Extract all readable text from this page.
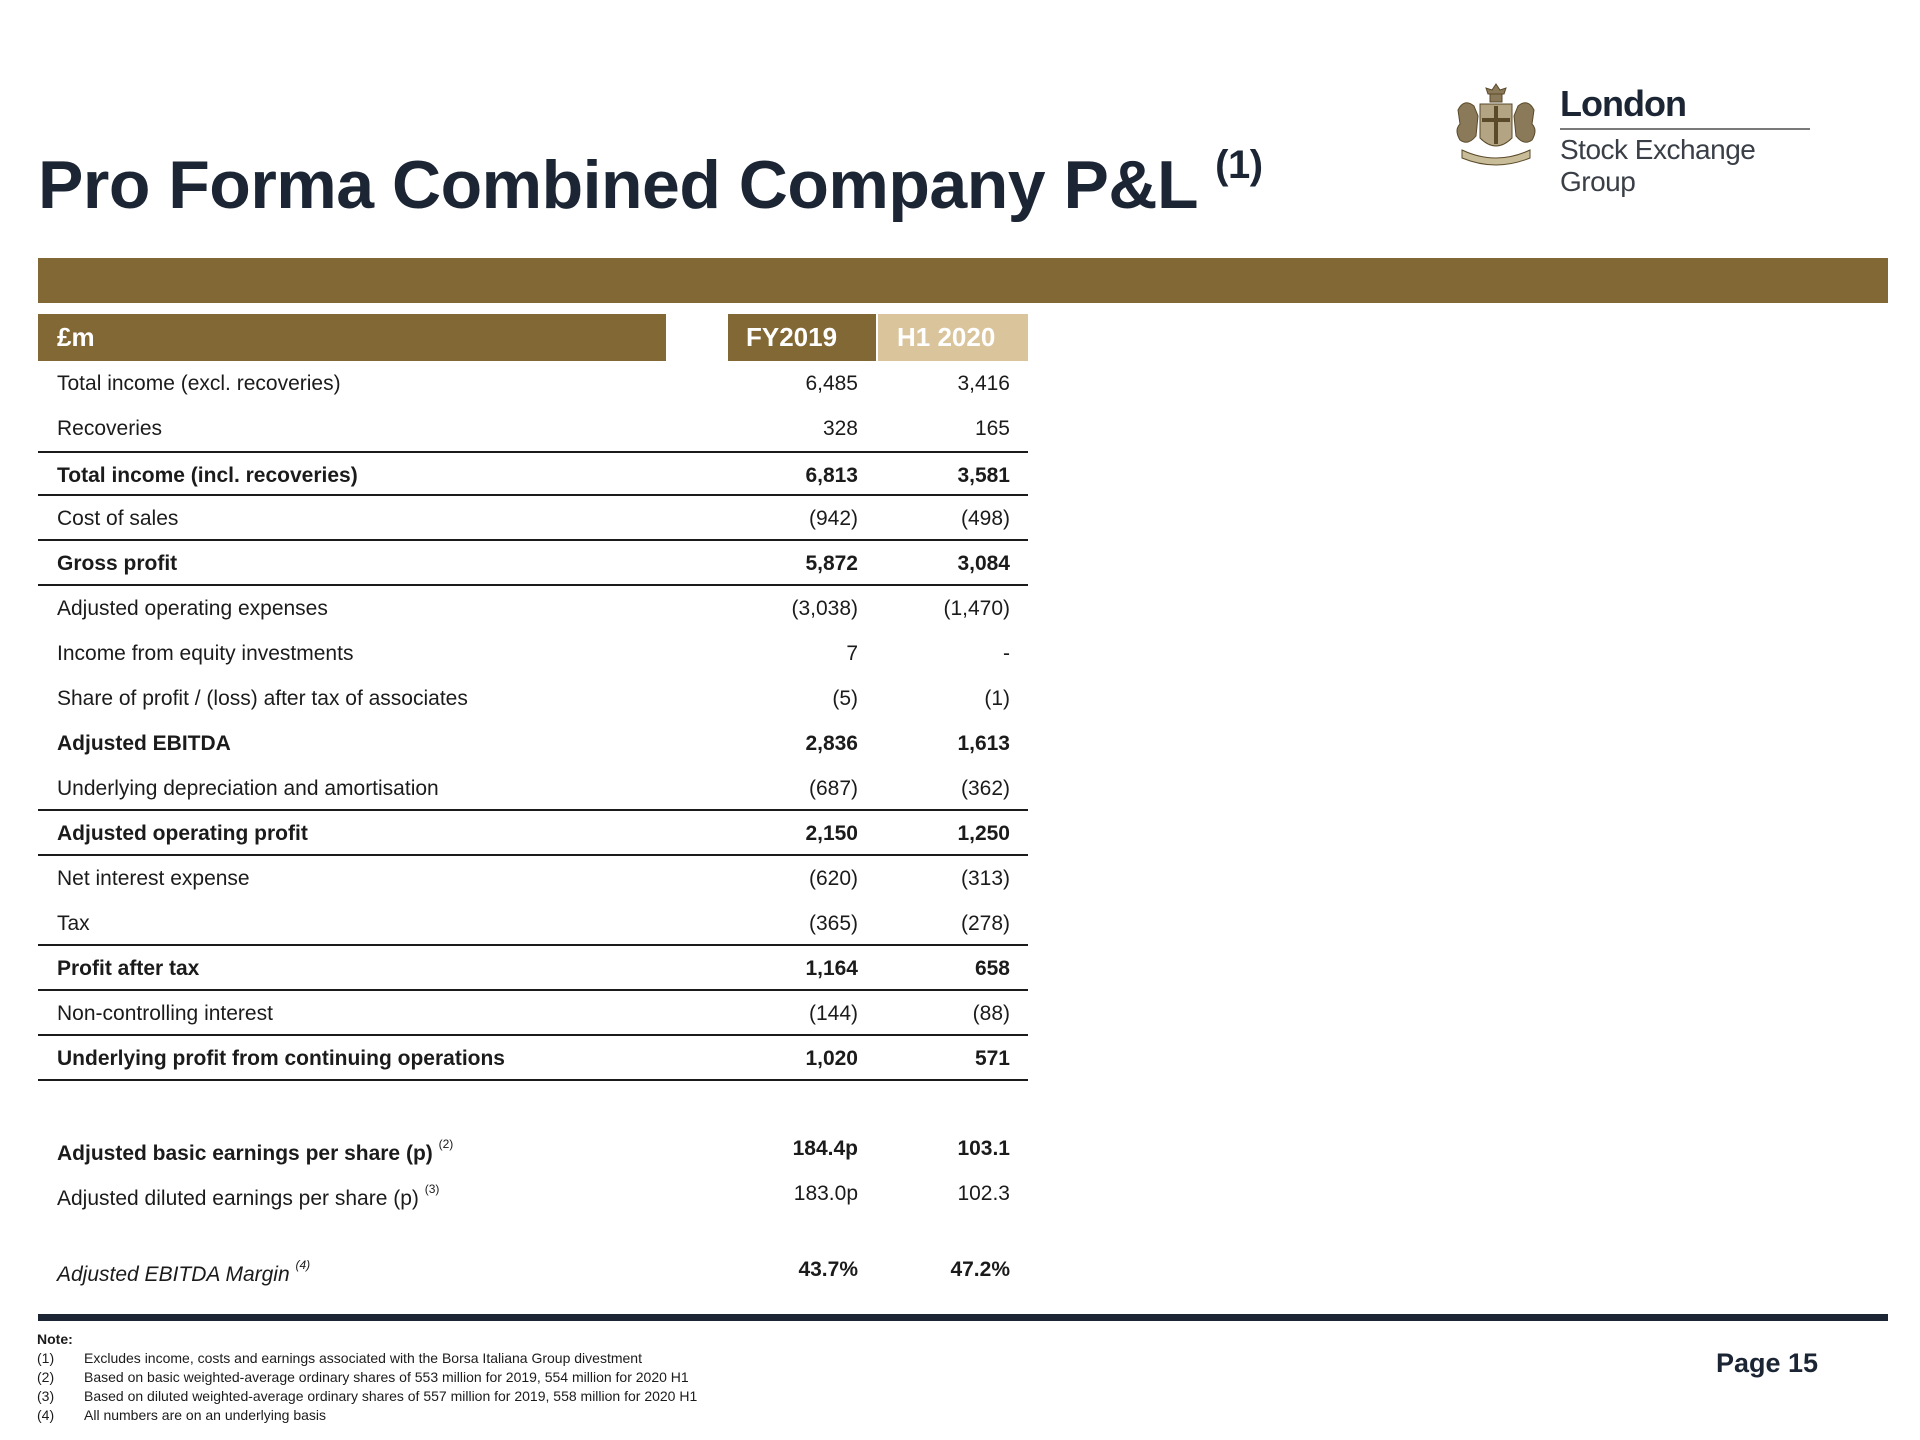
London
Stock Exchange Group
Pro Forma Combined Company P&L $^{(1)}$
£m	FY2019	H1 2020
Total income (excl. recoveries)	6,485	3,416
Recoveries	328	165
Total income (incl. recoveries)	6,813	3,581
Cost of sales	(942)	(498)
Gross profit	5,872	3,084
Adjusted operating expenses	(3,038)	(1,470)
Income from equity investments	7	-
Share of profit / (loss) after tax of associates	(5)	(1)
Adjusted EBITDA	2,836	1,613
Underlying depreciation and amortisation	(687)	(362)
Adjusted operating profit	2,150	1,250
Net interest expense	(620)	(313)
Tax	(365)	(278)
Profit after tax	1,164	658
Non-controlling interest	(144)	(88)
Underlying profit from continuing operations	1,020	571
Adjusted basic earnings per share (p) $^{(2)}$	184.4p	103.1
Adjusted diluted earnings per share (p) $^{(3)}$	183.0p	102.3
Adjusted EBITDA Margin $^{(4)}$	43.7%	47.2%
Note:
(1) Excludes income, costs and earnings associated with the Borsa Italiana Group divestment
(2) Based on basic weighted-average ordinary shares of 553 million for 2019, 554 million for 2020 H1
(3) Based on diluted weighted-average ordinary shares of 557 million for 2019, 558 million for 2020 H1
(4) All numbers are on an underlying basis
Page 15
